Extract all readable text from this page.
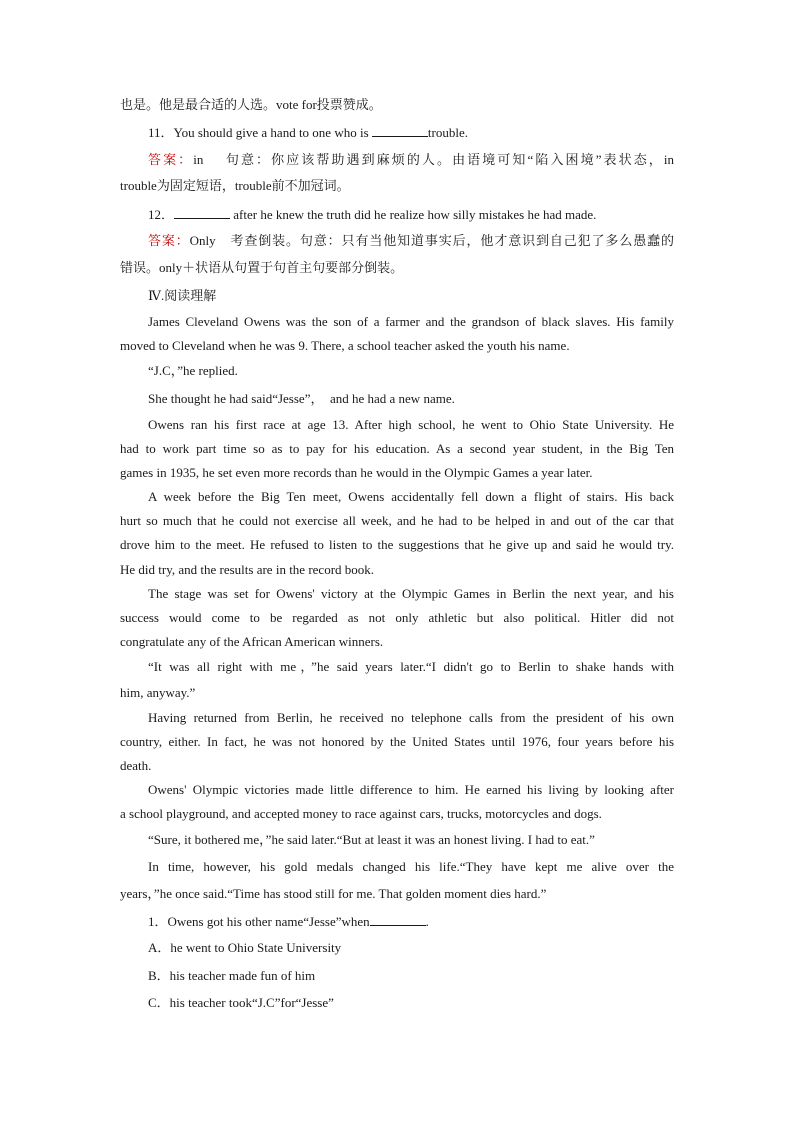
也是。他是最合适的人选。vote for投票赞成。
11．You should give a hand to one who is	trouble.
答案：in　 句意：你应该帮助遇到麻烦的人。由语境可知“陷入困境”表状态，in
trouble为固定短语，trouble前不加冠词。
12．	after he knew the truth did he realize how silly mistakes he had made.
答案：Only　考查倒装。句意：只有当他知道事实后，他才意识到自己犯了多么愚蠢的
错误。only＋状语从句置于句首主句要部分倒装。
Ⅳ.阅读理解
James Cleveland Owens was the son of a farmer and the grandson of black slaves. His family
moved to Cleveland when he was 9. There, a school teacher asked the youth his name.
“J.C，”he replied.
She thought he had said“Jesse”，　and he had a new name.
Owens ran his first race at age 13. After high school, he went to Ohio State University. He
had to work part time so as to pay for his education. As a second year student, in the Big Ten
games in 1935, he set even more records than he would in the Olympic Games a year later.
A week before the Big Ten meet, Owens accidentally fell down a flight of stairs. His back
hurt so much that he could not exercise all week, and he had to be helped in and out of the car that
drove him to the meet. He refused to listen to the suggestions that he give up and said he would try.
He did try, and the results are in the record book.
The stage was set for Owens' victory at the Olympic Games in Berlin the next year, and his
success would come to be regarded as not only athletic but also political. Hitler did not
congratulate any of the African American winners.
“It was all right with me，”he said years later.“I didn't go to Berlin to shake hands with
him, anyway.”
Having returned from Berlin, he received no telephone calls from the president of his own
country, either. In fact, he was not honored by the United States until 1976, four years before his
death.
Owens' Olympic victories made little difference to him. He earned his living by looking after
a school playground, and accepted money to race against cars, trucks, motorcycles and dogs.
“Sure, it bothered me，”he said later.“But at least it was an honest living. I had to eat.”
In time, however, his gold medals changed his life.“They have kept me alive over the
years，”he once said.“Time has stood still for me. That golden moment dies hard.”
1．Owens got his other name“Jesse”when	.
A．he went to Ohio State University
B．his teacher made fun of him
C．his teacher took“J.C”for“Jesse”
